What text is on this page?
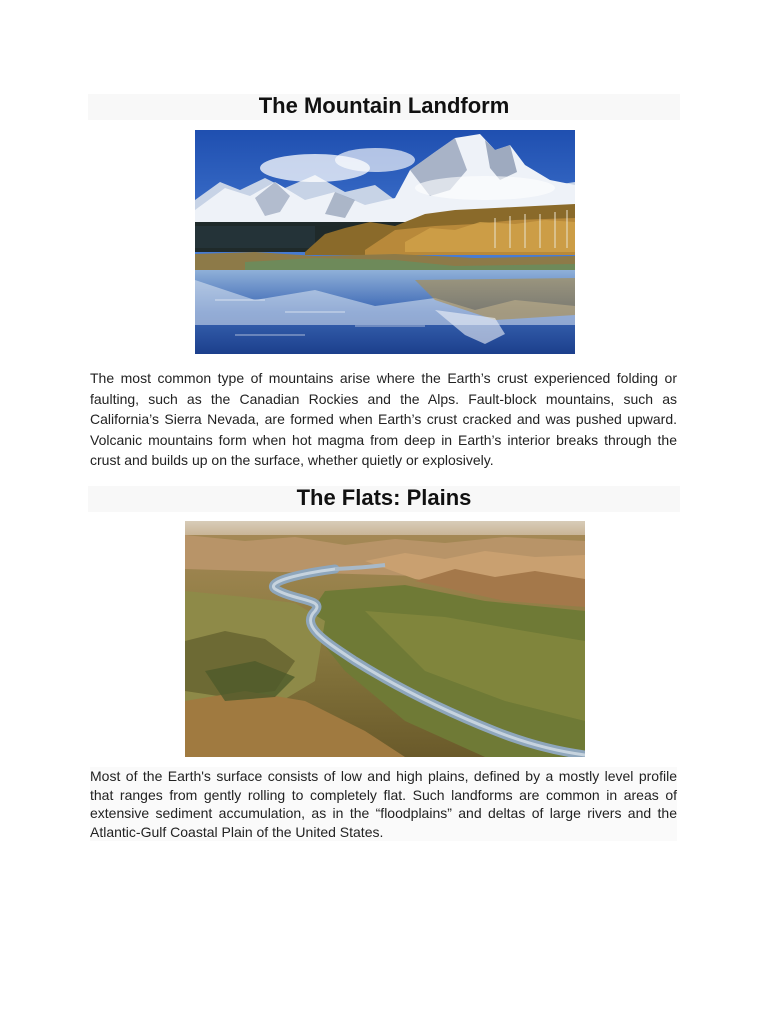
The Mountain Landform

The most common type of mountains arise where the Earth’s crust experienced folding or faulting, such as the Canadian Rockies and the Alps. Fault-block mountains, such as California’s Sierra Nevada, are formed when Earth’s crust cracked and was pushed upward. Volcanic mountains form when hot magma from deep in Earth’s interior breaks through the crust and builds up on the surface, whether quietly or explosively.

The Flats: Plains

Most of the Earth's surface consists of low and high plains, defined by a mostly level profile that ranges from gently rolling to completely flat. Such landforms are common in areas of extensive sediment accumulation, as in the “floodplains” and deltas of large rivers and the Atlantic-Gulf Coastal Plain of the United States.
